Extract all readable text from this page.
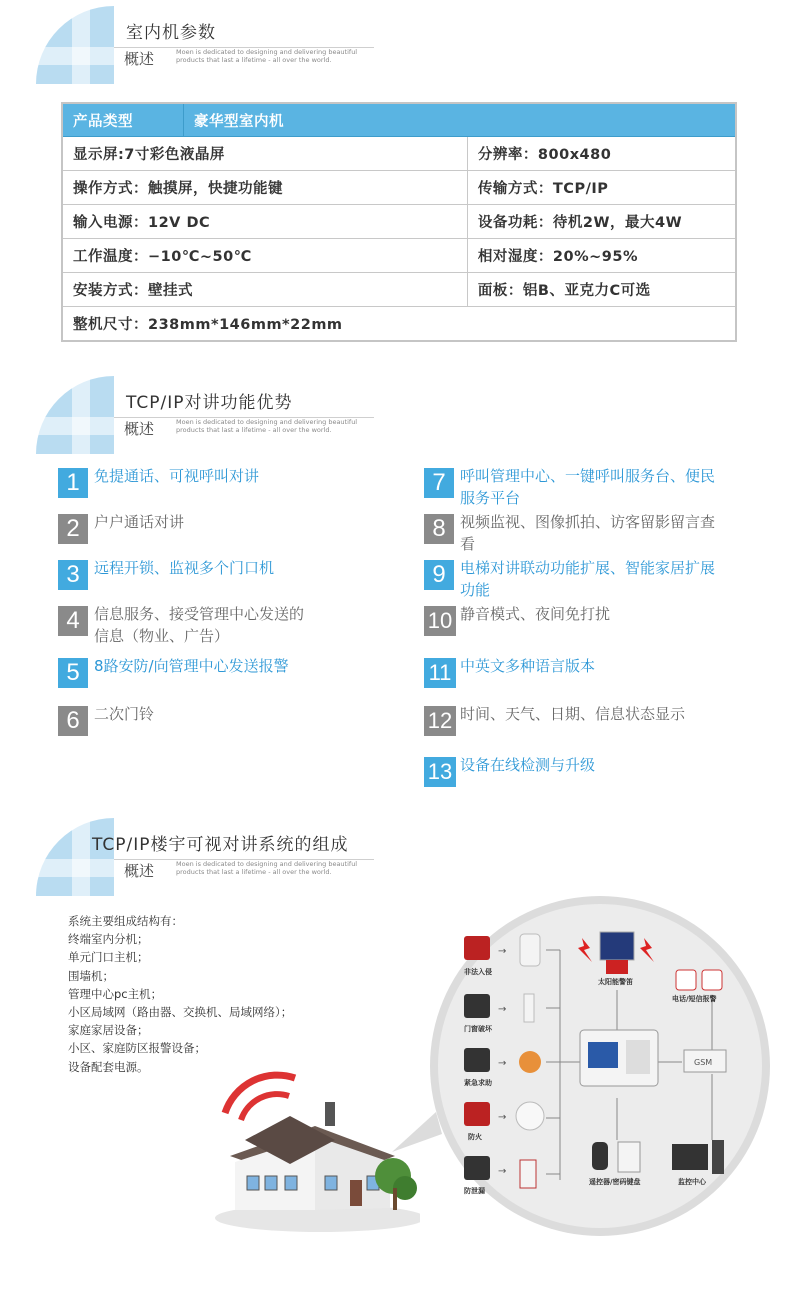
室内机参数
概述	Moen is dedicated to designing and delivering beautiful products that last a lifetime - all over the world.
产品类型	豪华型室内机	
显示屏:7寸彩色液晶屏		分辨率：800x480
操作方式：触摸屏，快捷功能键		传输方式：TCP/IP
输入电源：12V DC		设备功耗：待机2W，最大4W
工作温度：−10℃~50℃		相对湿度：20%~95%
安装方式：壁挂式		面板：铝B、亚克力C可选
整机尺寸：238mm*146mm*22mm		
TCP/IP对讲功能优势
概述	Moen is dedicated to designing and delivering beautiful products that last a lifetime - all over the world.
1 免提通话、可视呼叫对讲
2 户户通话对讲
3 远程开锁、监视多个门口机
4 信息服务、接受管理中心发送的信息（物业、广告）
5 8路安防/向管理中心发送报警
6 二次门铃
7 呼叫管理中心、一键呼叫服务台、便民服务平台
8 视频监视、图像抓拍、访客留影留言查看
9 电梯对讲联动功能扩展、智能家居扩展功能
10 静音模式、夜间免打扰
11 中英文多种语言版本
12 时间、天气、日期、信息状态显示
13 设备在线检测与升级
TCP/IP楼宇可视对讲系统的组成
概述	Moen is dedicated to designing and delivering beautiful products that last a lifetime - all over the world.
系统主要组成结构有：
终端室内分机；
单元门口主机；
围墙机；
管理中心pc主机；
小区局域网（路由器、交换机、局域网络）；
家庭家居设备；
小区、家庭防区报警设备；
设备配套电源。
→
→
→
→
→
GSM
非法入侵
门窗破坏
紧急求助
防火
防泄漏
太阳能警笛
电话/短信报警
遥控器/密码键盘	监控中心
